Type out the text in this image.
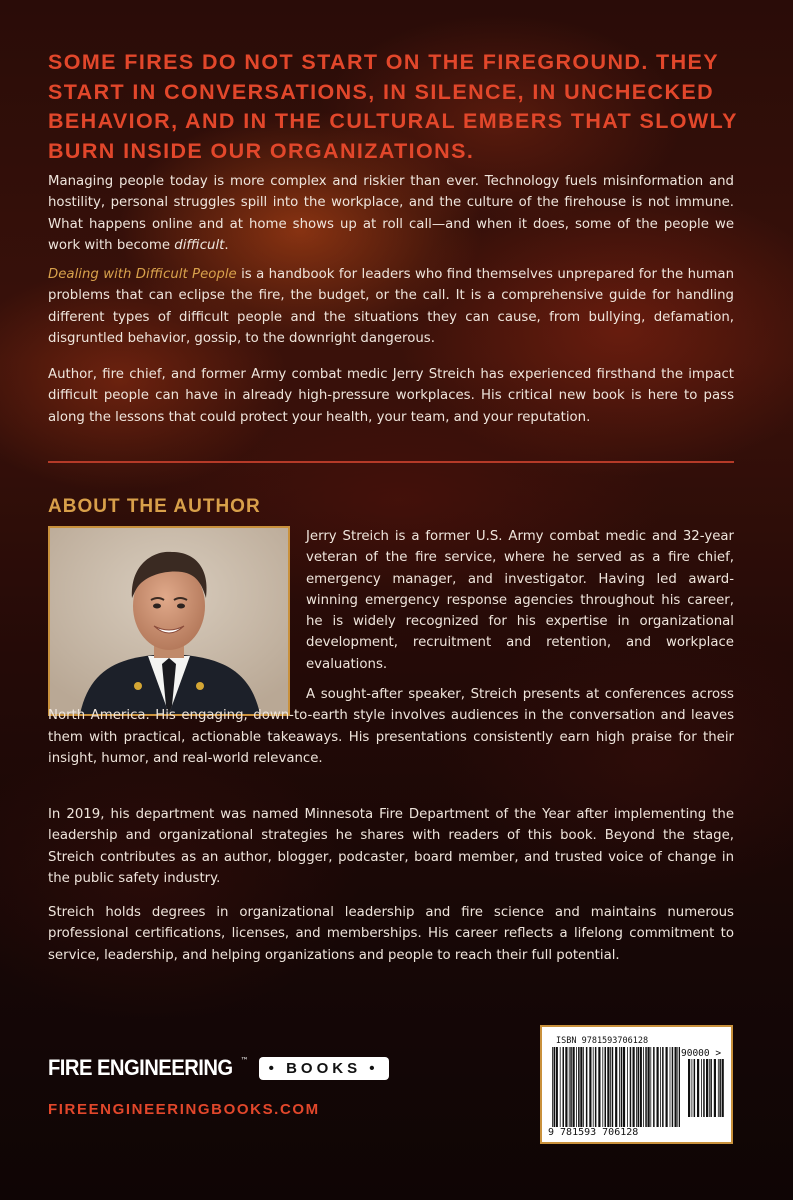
SOME FIRES DO NOT START ON THE FIREGROUND. THEY
START IN CONVERSATIONS, IN SILENCE, IN UNCHECKED
BEHAVIOR, AND IN THE CULTURAL EMBERS THAT SLOWLY
BURN INSIDE OUR ORGANIZATIONS.

Managing people today is more complex and riskier than ever. Technology fuels misinformation and hostility, personal struggles spill into the workplace, and the culture of the firehouse is not immune. What happens online and at home shows up at roll call—and when it does, some of the people we work with become difficult.

Dealing with Difficult People is a handbook for leaders who find themselves unprepared for the human problems that can eclipse the fire, the budget, or the call. It is a comprehensive guide for handling different types of difficult people and the situations they can cause, from bullying, defamation, disgruntled behavior, gossip, to the downright dangerous.

Author, fire chief, and former Army combat medic Jerry Streich has experienced firsthand the impact difficult people can have in already high-pressure workplaces. His critical new book is here to pass along the lessons that could protect your health, your team, and your reputation.

ABOUT THE AUTHOR

Jerry Streich is a former U.S. Army combat medic and 32-year veteran of the fire service, where he served as a fire chief, emergency manager, and investigator. Having led award-winning emergency response agencies throughout his career, he is widely recognized for his expertise in organizational development, recruitment and retention, and workplace evaluations.

A sought-after speaker, Streich presents at conferences across North America. His engaging, down-to-earth style involves audiences in the conversation and leaves them with practical, actionable takeaways. His presentations consistently earn high praise for their insight, humor, and real-world relevance.

In 2019, his department was named Minnesota Fire Department of the Year after implementing the leadership and organizational strategies he shares with readers of this book. Beyond the stage, Streich contributes as an author, blogger, podcaster, board member, and trusted voice of change in the public safety industry.

Streich holds degrees in organizational leadership and fire science and maintains numerous professional certifications, licenses, and memberships. His career reflects a lifelong commitment to service, leadership, and helping organizations and people to reach their full potential.

FIRE ENGINEERING ™	• BOOKS •
FIREENGINEERINGBOOKS.COM
ISBN 9781593706128
90000 >
9 781593 706128
